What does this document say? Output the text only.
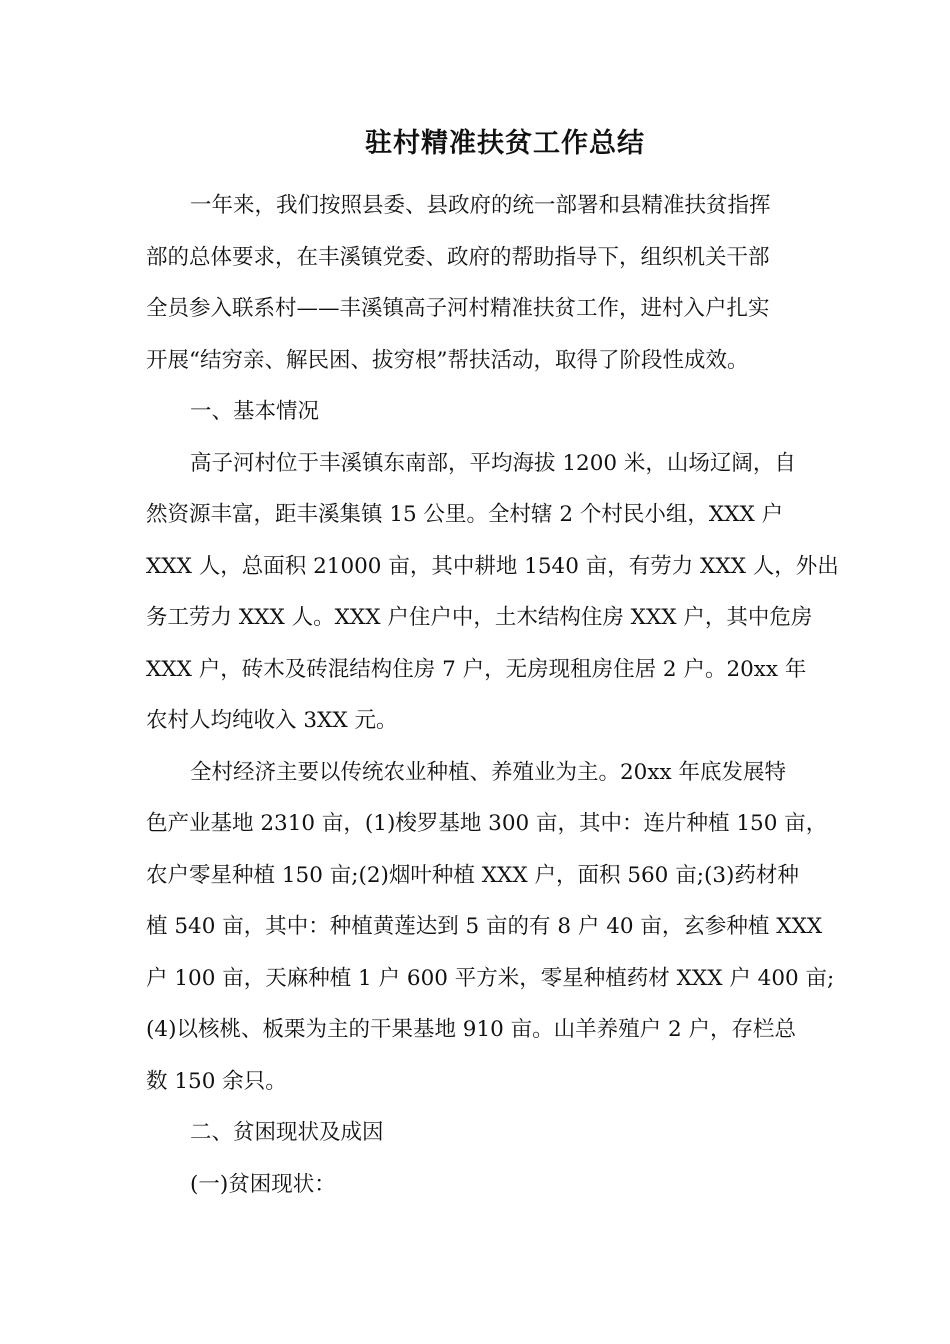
驻村精准扶贫工作总结
一年来，我们按照县委、县政府的统一部署和县精准扶贫指挥
部的总体要求，在丰溪镇党委、政府的帮助指导下，组织机关干部
全员参入联系村——丰溪镇高子河村精准扶贫工作，进村入户扎实
开展“结穷亲、解民困、拔穷根”帮扶活动，取得了阶段性成效。
一、基本情况
高子河村位于丰溪镇东南部，平均海拔 1200 米，山场辽阔，自
然资源丰富，距丰溪集镇 15 公里。全村辖 2 个村民小组，XXX 户
XXX 人，总面积 21000 亩，其中耕地 1540 亩，有劳力 XXX 人，外出
务工劳力 XXX 人。XXX 户住户中，土木结构住房 XXX 户，其中危房
XXX 户，砖木及砖混结构住房 7 户，无房现租房住居 2 户。20xx 年
农村人均纯收入 3XX 元。
全村经济主要以传统农业种植、养殖业为主。20xx 年底发展特
色产业基地 2310 亩，(1)梭罗基地 300 亩，其中：连片种植 150 亩，
农户零星种植 150 亩;(2)烟叶种植 XXX 户，面积 560 亩;(3)药材种
植 540 亩，其中：种植黄莲达到 5 亩的有 8 户 40 亩，玄参种植 XXX
户 100 亩，天麻种植 1 户 600 平方米，零星种植药材 XXX 户 400 亩;
(4)以核桃、板栗为主的干果基地 910 亩。山羊养殖户 2 户，存栏总
数 150 余只。
二、贫困现状及成因
(一)贫困现状：
